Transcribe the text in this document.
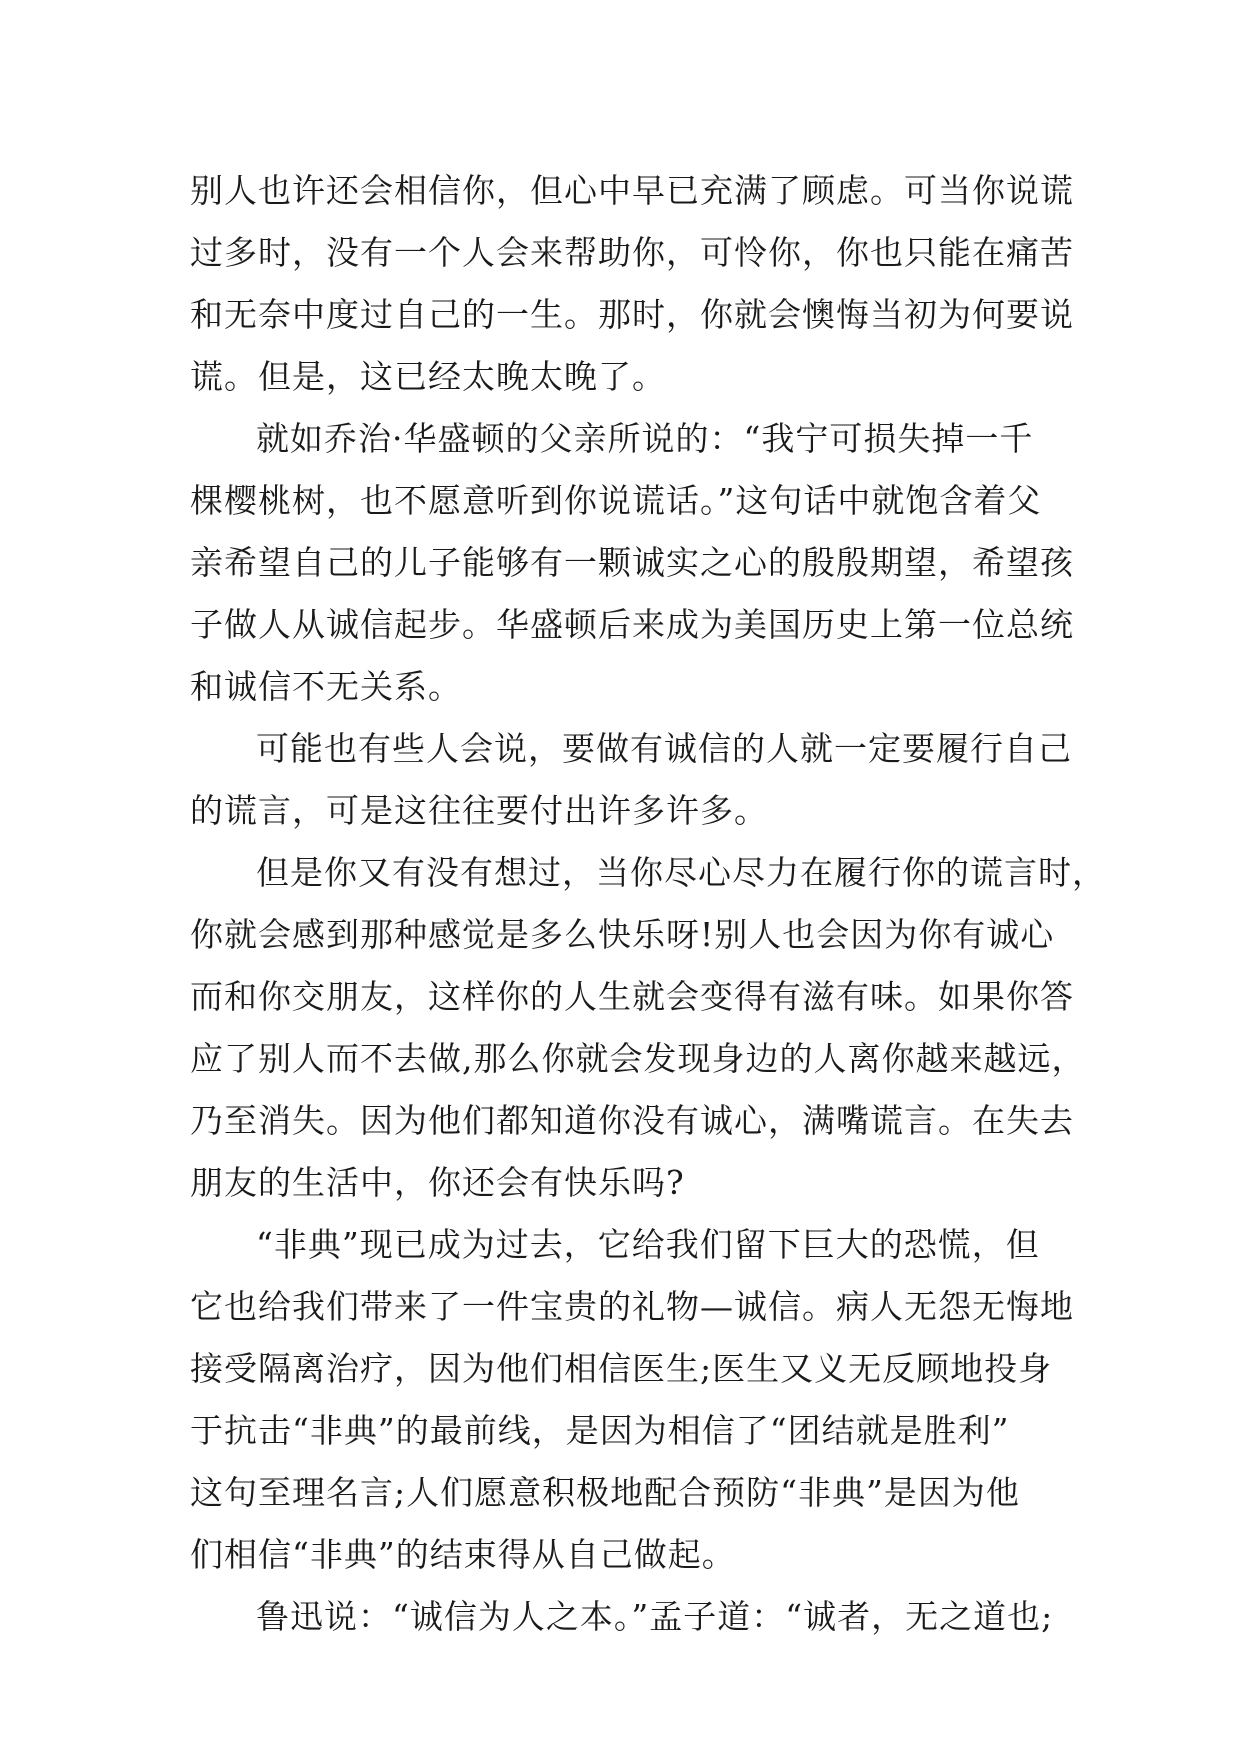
别人也许还会相信你，但心中早已充满了顾虑。可当你说谎
过多时，没有一个人会来帮助你，可怜你，你也只能在痛苦
和无奈中度过自己的一生。那时，你就会懊悔当初为何要说
谎。但是，这已经太晚太晚了。
就如乔治·华盛顿的父亲所说的：“我宁可损失掉一千
棵樱桃树，也不愿意听到你说谎话。”这句话中就饱含着父
亲希望自己的儿子能够有一颗诚实之心的殷殷期望，希望孩
子做人从诚信起步。华盛顿后来成为美国历史上第一位总统
和诚信不无关系。
可能也有些人会说，要做有诚信的人就一定要履行自己
的谎言，可是这往往要付出许多许多。
但是你又有没有想过，当你尽心尽力在履行你的谎言时，
你就会感到那种感觉是多么快乐呀!别人也会因为你有诚心
而和你交朋友，这样你的人生就会变得有滋有味。如果你答
应了别人而不去做,那么你就会发现身边的人离你越来越远，
乃至消失。因为他们都知道你没有诚心，满嘴谎言。在失去
朋友的生活中，你还会有快乐吗?
“非典”现已成为过去，它给我们留下巨大的恐慌，但
它也给我们带来了一件宝贵的礼物—诚信。病人无怨无悔地
接受隔离治疗，因为他们相信医生;医生又义无反顾地投身
于抗击“非典”的最前线，是因为相信了“团结就是胜利”
这句至理名言;人们愿意积极地配合预防“非典”是因为他
们相信“非典”的结束得从自己做起。
鲁迅说：“诚信为人之本。”孟子道：“诚者，无之道也;
